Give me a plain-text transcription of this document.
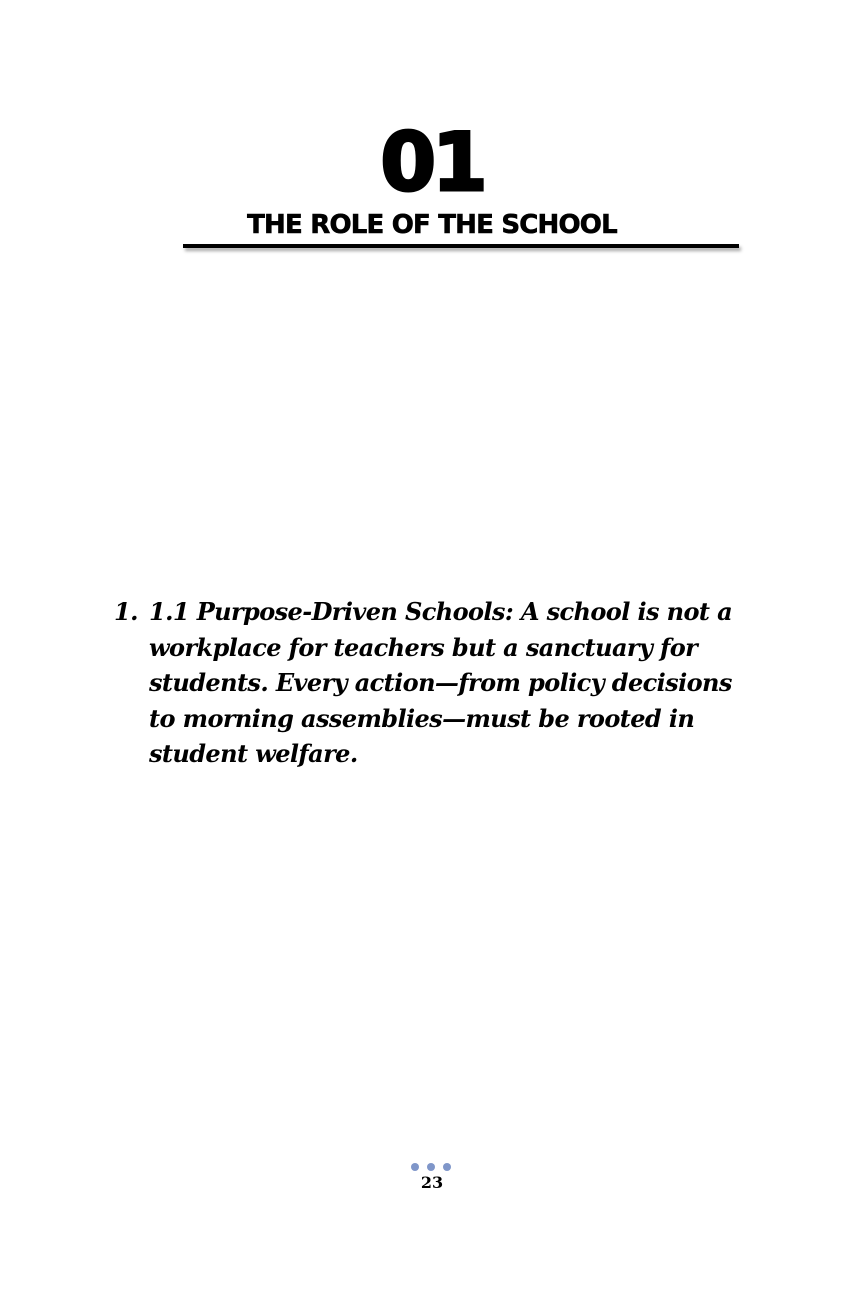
01
THE ROLE OF THE SCHOOL
1. 1.1 Purpose-Driven Schools: A school is not a workplace for teachers but a sanctuary for students. Every action—from policy decisions to morning assemblies—must be rooted in student welfare.
23
